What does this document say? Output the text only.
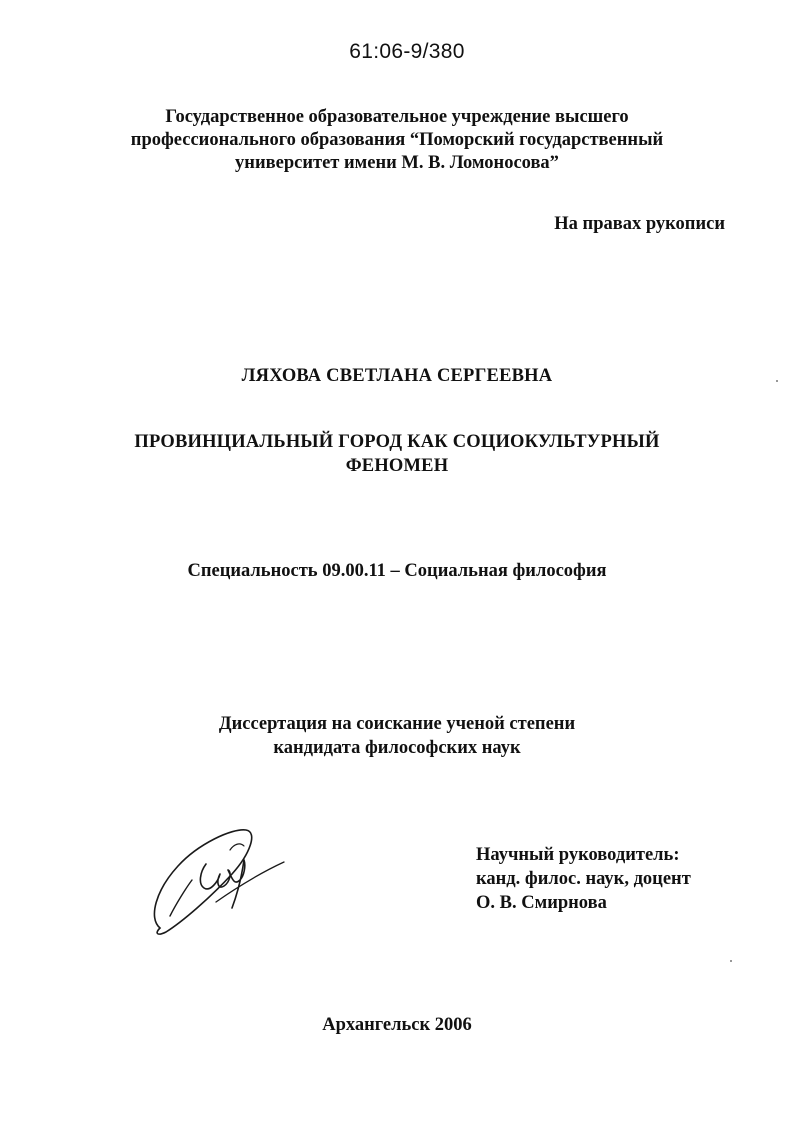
61:06-9/380
Государственное образовательное учреждение высшего
профессионального образования “Поморский государственный
университет имени М. В. Ломоносова”
На правах рукописи
ЛЯХОВА СВЕТЛАНА СЕРГЕЕВНА
ПРОВИНЦИАЛЬНЫЙ ГОРОД КАК СОЦИОКУЛЬТУРНЫЙ
ФЕНОМЕН
Специальность 09.00.11 – Социальная философия
Диссертация на соискание ученой степени
кандидата философских наук
Научный руководитель:
канд. филос. наук, доцент
О. В. Смирнова
Архангельск 2006
